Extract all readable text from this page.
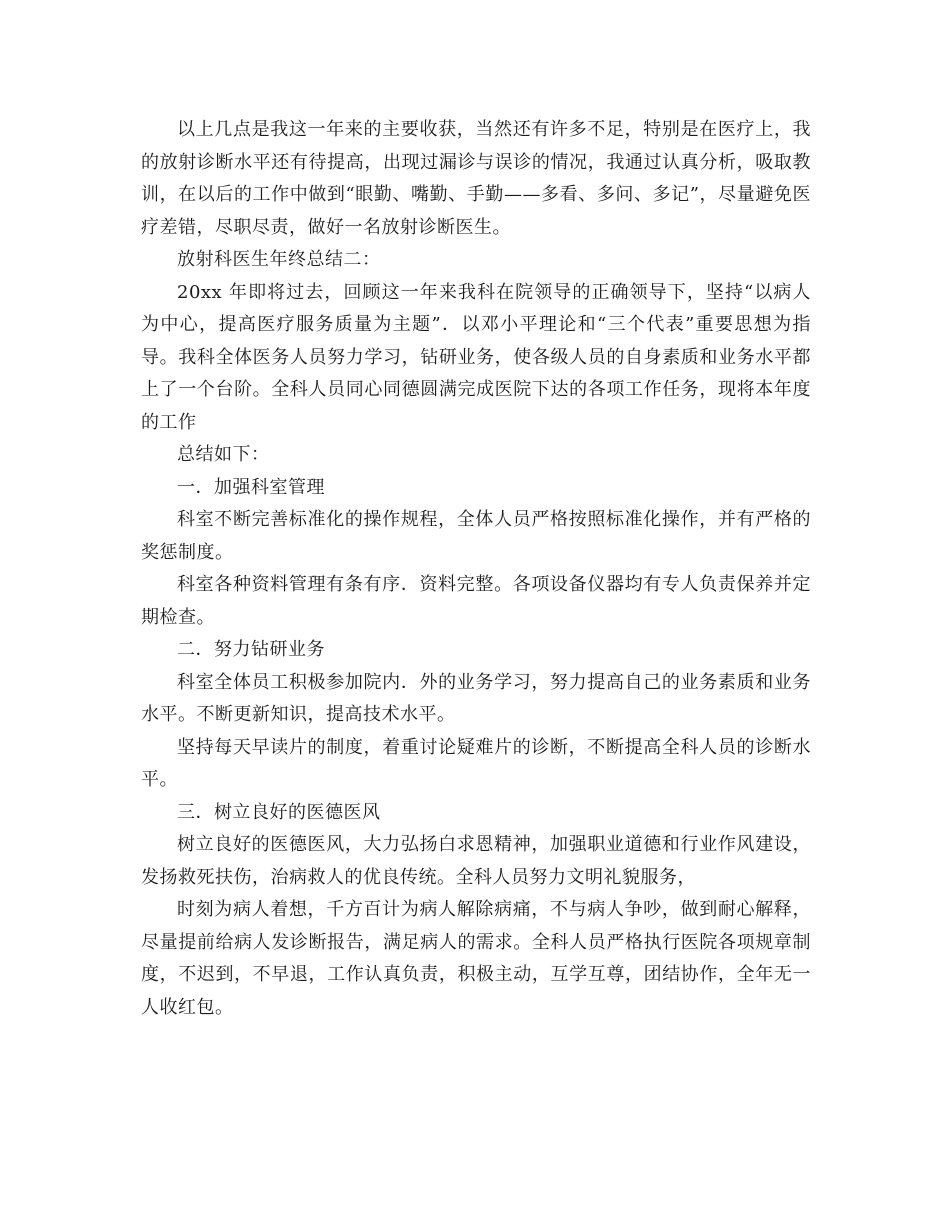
以上几点是我这一年来的主要收获，当然还有许多不足，特别是在医疗上，我的放射诊断水平还有待提高，出现过漏诊与误诊的情况，我通过认真分析，吸取教训，在以后的工作中做到“眼勤、嘴勤、手勤——多看、多问、多记”，尽量避免医疗差错，尽职尽责，做好一名放射诊断医生。

放射科医生年终总结二：

20xx 年即将过去，回顾这一年来我科在院领导的正确领导下，坚持“以病人为中心，提高医疗服务质量为主题”．以邓小平理论和“三个代表”重要思想为指导。我科全体医务人员努力学习，钻研业务，使各级人员的自身素质和业务水平都上了一个台阶。全科人员同心同德圆满完成医院下达的各项工作任务，现将本年度的工作

总结如下：

一．加强科室管理

科室不断完善标准化的操作规程，全体人员严格按照标准化操作，并有严格的奖惩制度。

科室各种资料管理有条有序．资料完整。各项设备仪器均有专人负责保养并定期检查。

二．努力钻研业务

科室全体员工积极参加院内．外的业务学习，努力提高自己的业务素质和业务水平。不断更新知识，提高技术水平。

坚持每天早读片的制度，着重讨论疑难片的诊断，不断提高全科人员的诊断水平。

三．树立良好的医德医风

树立良好的医德医风，大力弘扬白求恩精神，加强职业道德和行业作风建设，发扬救死扶伤，治病救人的优良传统。全科人员努力文明礼貌服务，

时刻为病人着想，千方百计为病人解除病痛，不与病人争吵，做到耐心解释，尽量提前给病人发诊断报告，满足病人的需求。全科人员严格执行医院各项规章制度，不迟到，不早退，工作认真负责，积极主动，互学互尊，团结协作，全年无一人收红包。
